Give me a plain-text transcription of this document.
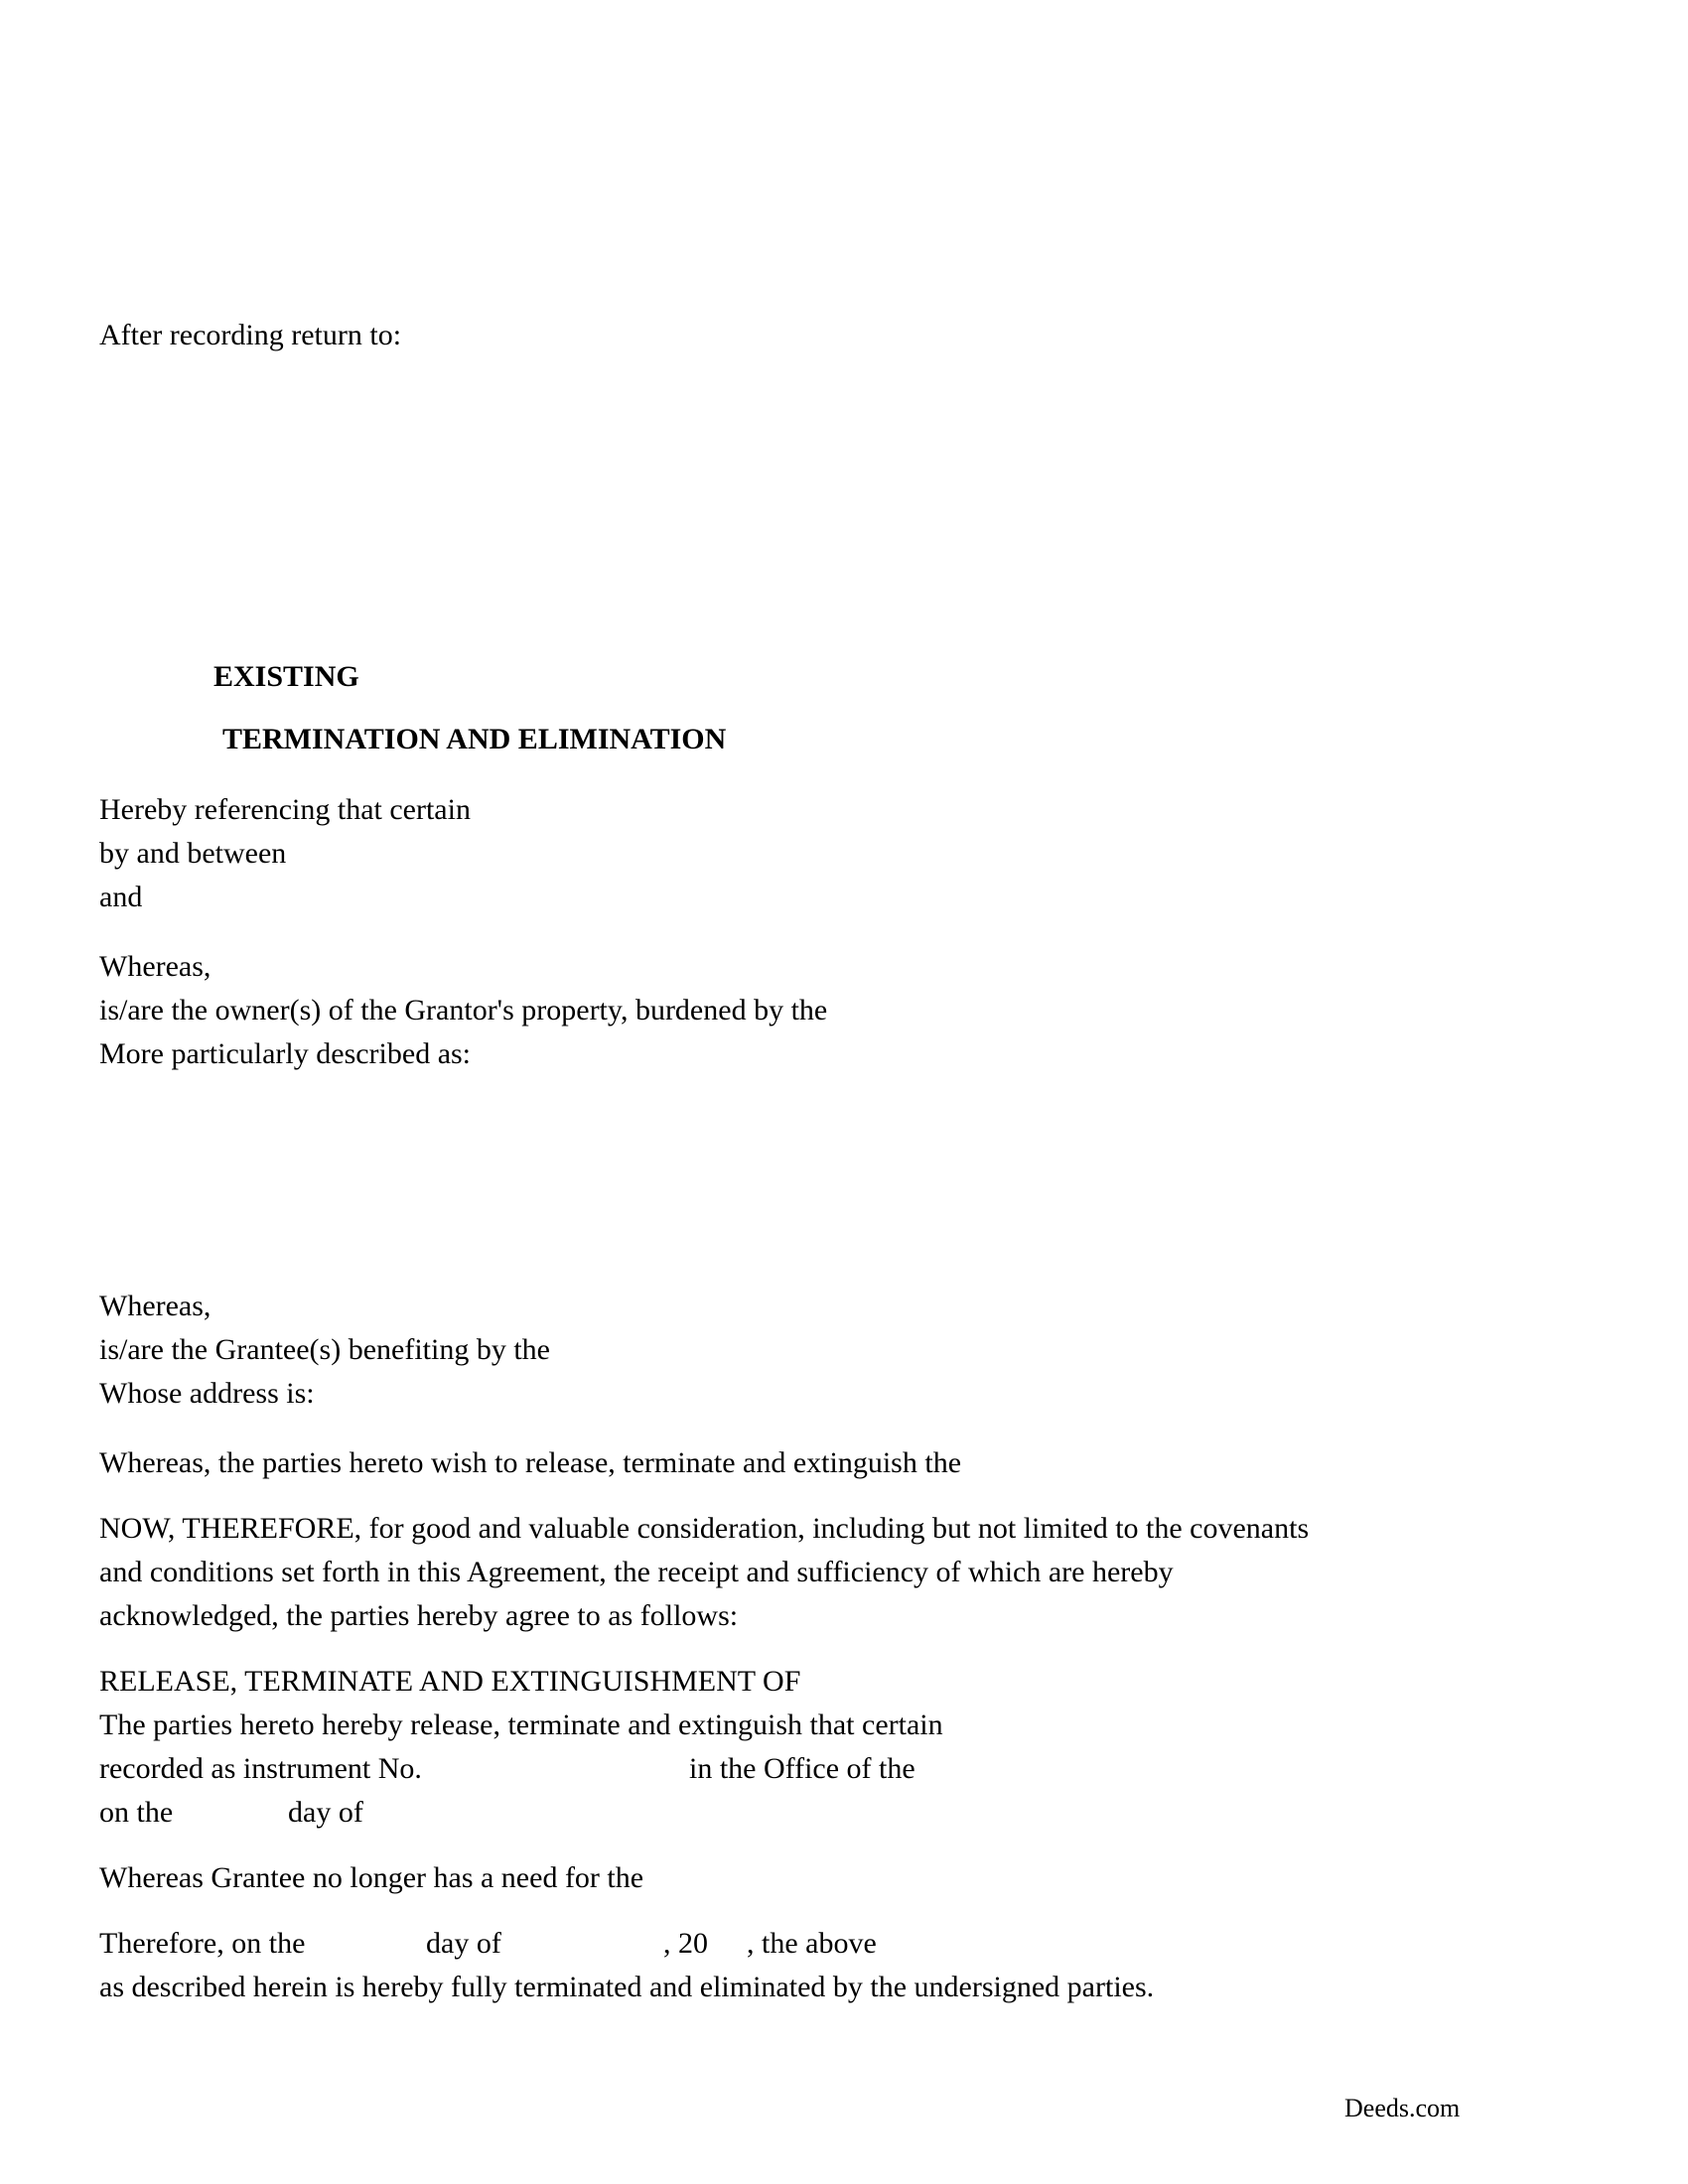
After recording return to:
EXISTING
TERMINATION AND ELIMINATION
Hereby referencing that certain
by and between
and
Whereas,
is/are the owner(s) of the Grantor's property, burdened by the
More particularly described as:
Whereas,
is/are the Grantee(s) benefiting by the
Whose address is:
Whereas, the parties hereto wish to release, terminate and extinguish the
NOW, THEREFORE, for good and valuable consideration, including but not limited to the covenants
and conditions set forth in this Agreement, the receipt and sufficiency of which are hereby
acknowledged, the parties hereby agree to as follows:
RELEASE, TERMINATE AND EXTINGUISHMENT OF
The parties hereto hereby release, terminate and extinguish that certain
recorded as instrument No.	in the Office of the
on the	day of
Whereas Grantee no longer has a need for the
Therefore, on the	day of	, 20 , the above
as described herein is hereby fully terminated and eliminated by the undersigned parties.
Deeds.com
